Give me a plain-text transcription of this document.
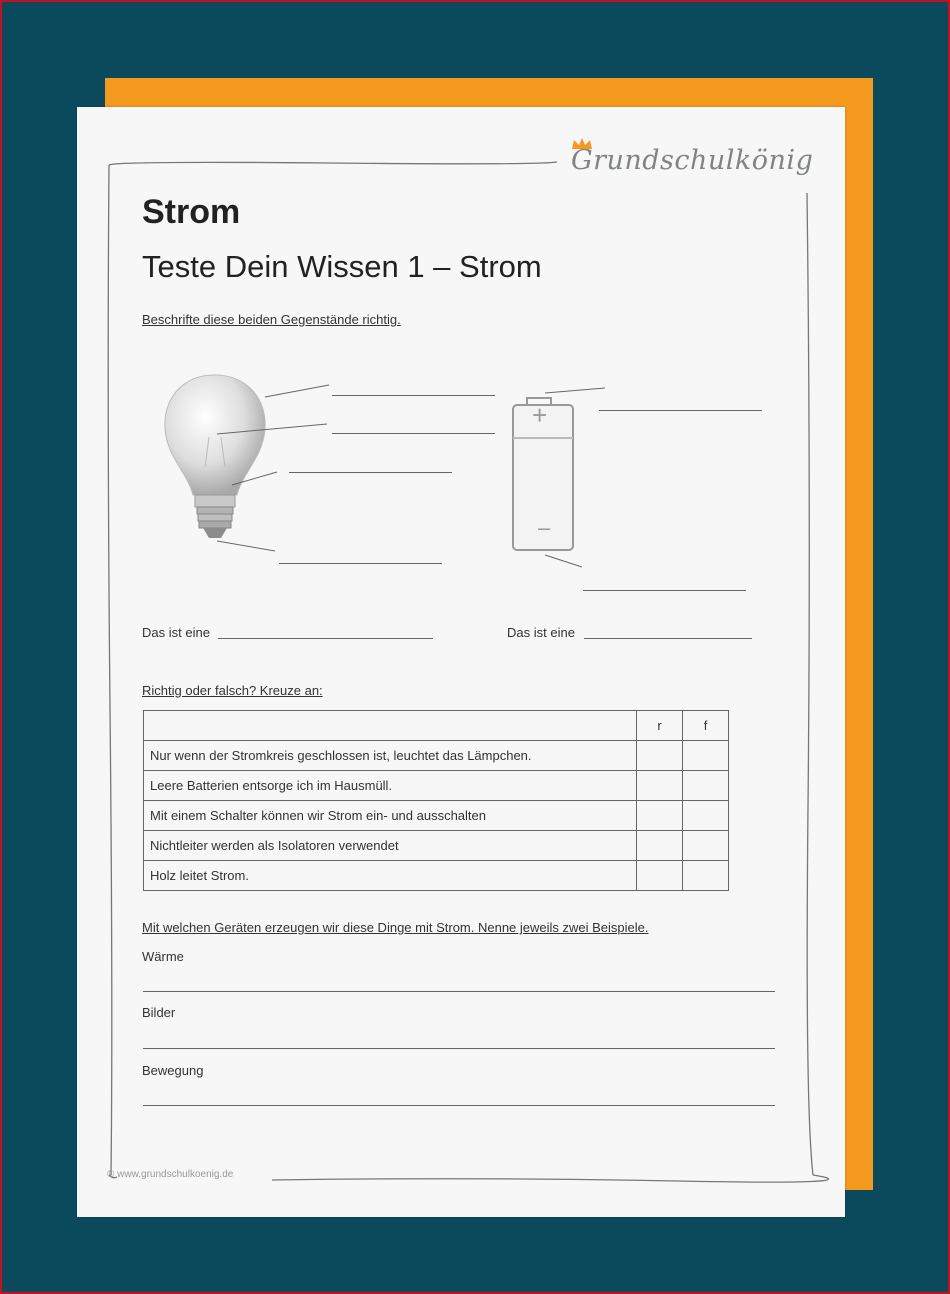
Grundschulkönig
Strom
Teste Dein Wissen 1 – Strom
Beschrifte diese beiden Gegenstände richtig.
+
–
Das ist eine	Das ist eine
Richtig oder falsch? Kreuze an:
	r	f
Nur wenn der Stromkreis geschlossen ist, leuchtet das Lämpchen.		
Leere Batterien entsorge ich im Hausmüll.		
Mit einem Schalter können wir Strom ein- und ausschalten		
Nichtleiter werden als Isolatoren verwendet		
Holz leitet Strom.		
Mit welchen Geräten erzeugen wir diese Dinge mit Strom. Nenne jeweils zwei Beispiele.
Wärme
Bilder
Bewegung
© www.grundschulkoenig.de
